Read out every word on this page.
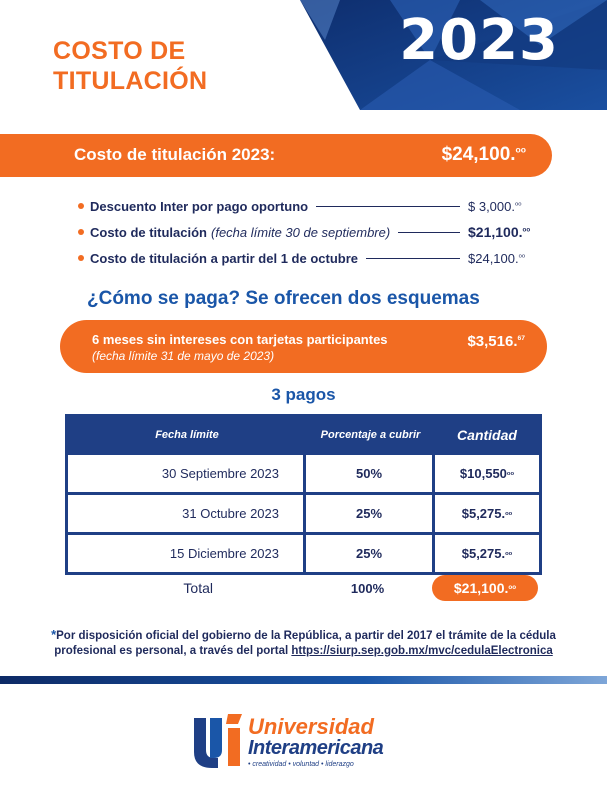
COSTO DE
TITULACIÓN
2023
Costo de titulación 2023:	$24,100.$^{oo}$
Descuento Inter por pago oportuno	$ 3,000.$^{oo}$
Costo de titulación (fecha límite 30 de septiembre)	$21,100.$^{oo}$
Costo de titulación a partir del 1 de octubre	$24,100.$^{oo}$
¿Cómo se paga? Se ofrecen dos esquemas
6 meses sin intereses con tarjetas participantes
(fecha límite 31 de mayo de 2023)
$3,516.67
3 pagos
Fecha límite	Porcentaje a cubrir	Cantidad
30 Septiembre 2023	50%	$10,550 oo
31 Octubre 2023	25%	$5,275. oo
15 Diciembre 2023	25%	$5,275. oo
Total	100%	$21,100. oo
*Por disposición oficial del gobierno de la República, a partir del 2017 el trámite de la cédula profesional es personal, a través del portal https://siurp.sep.gob.mx/mvc/cedulaElectronica
Universidad
Interamericana
• creatividad • voluntad • liderazgo
